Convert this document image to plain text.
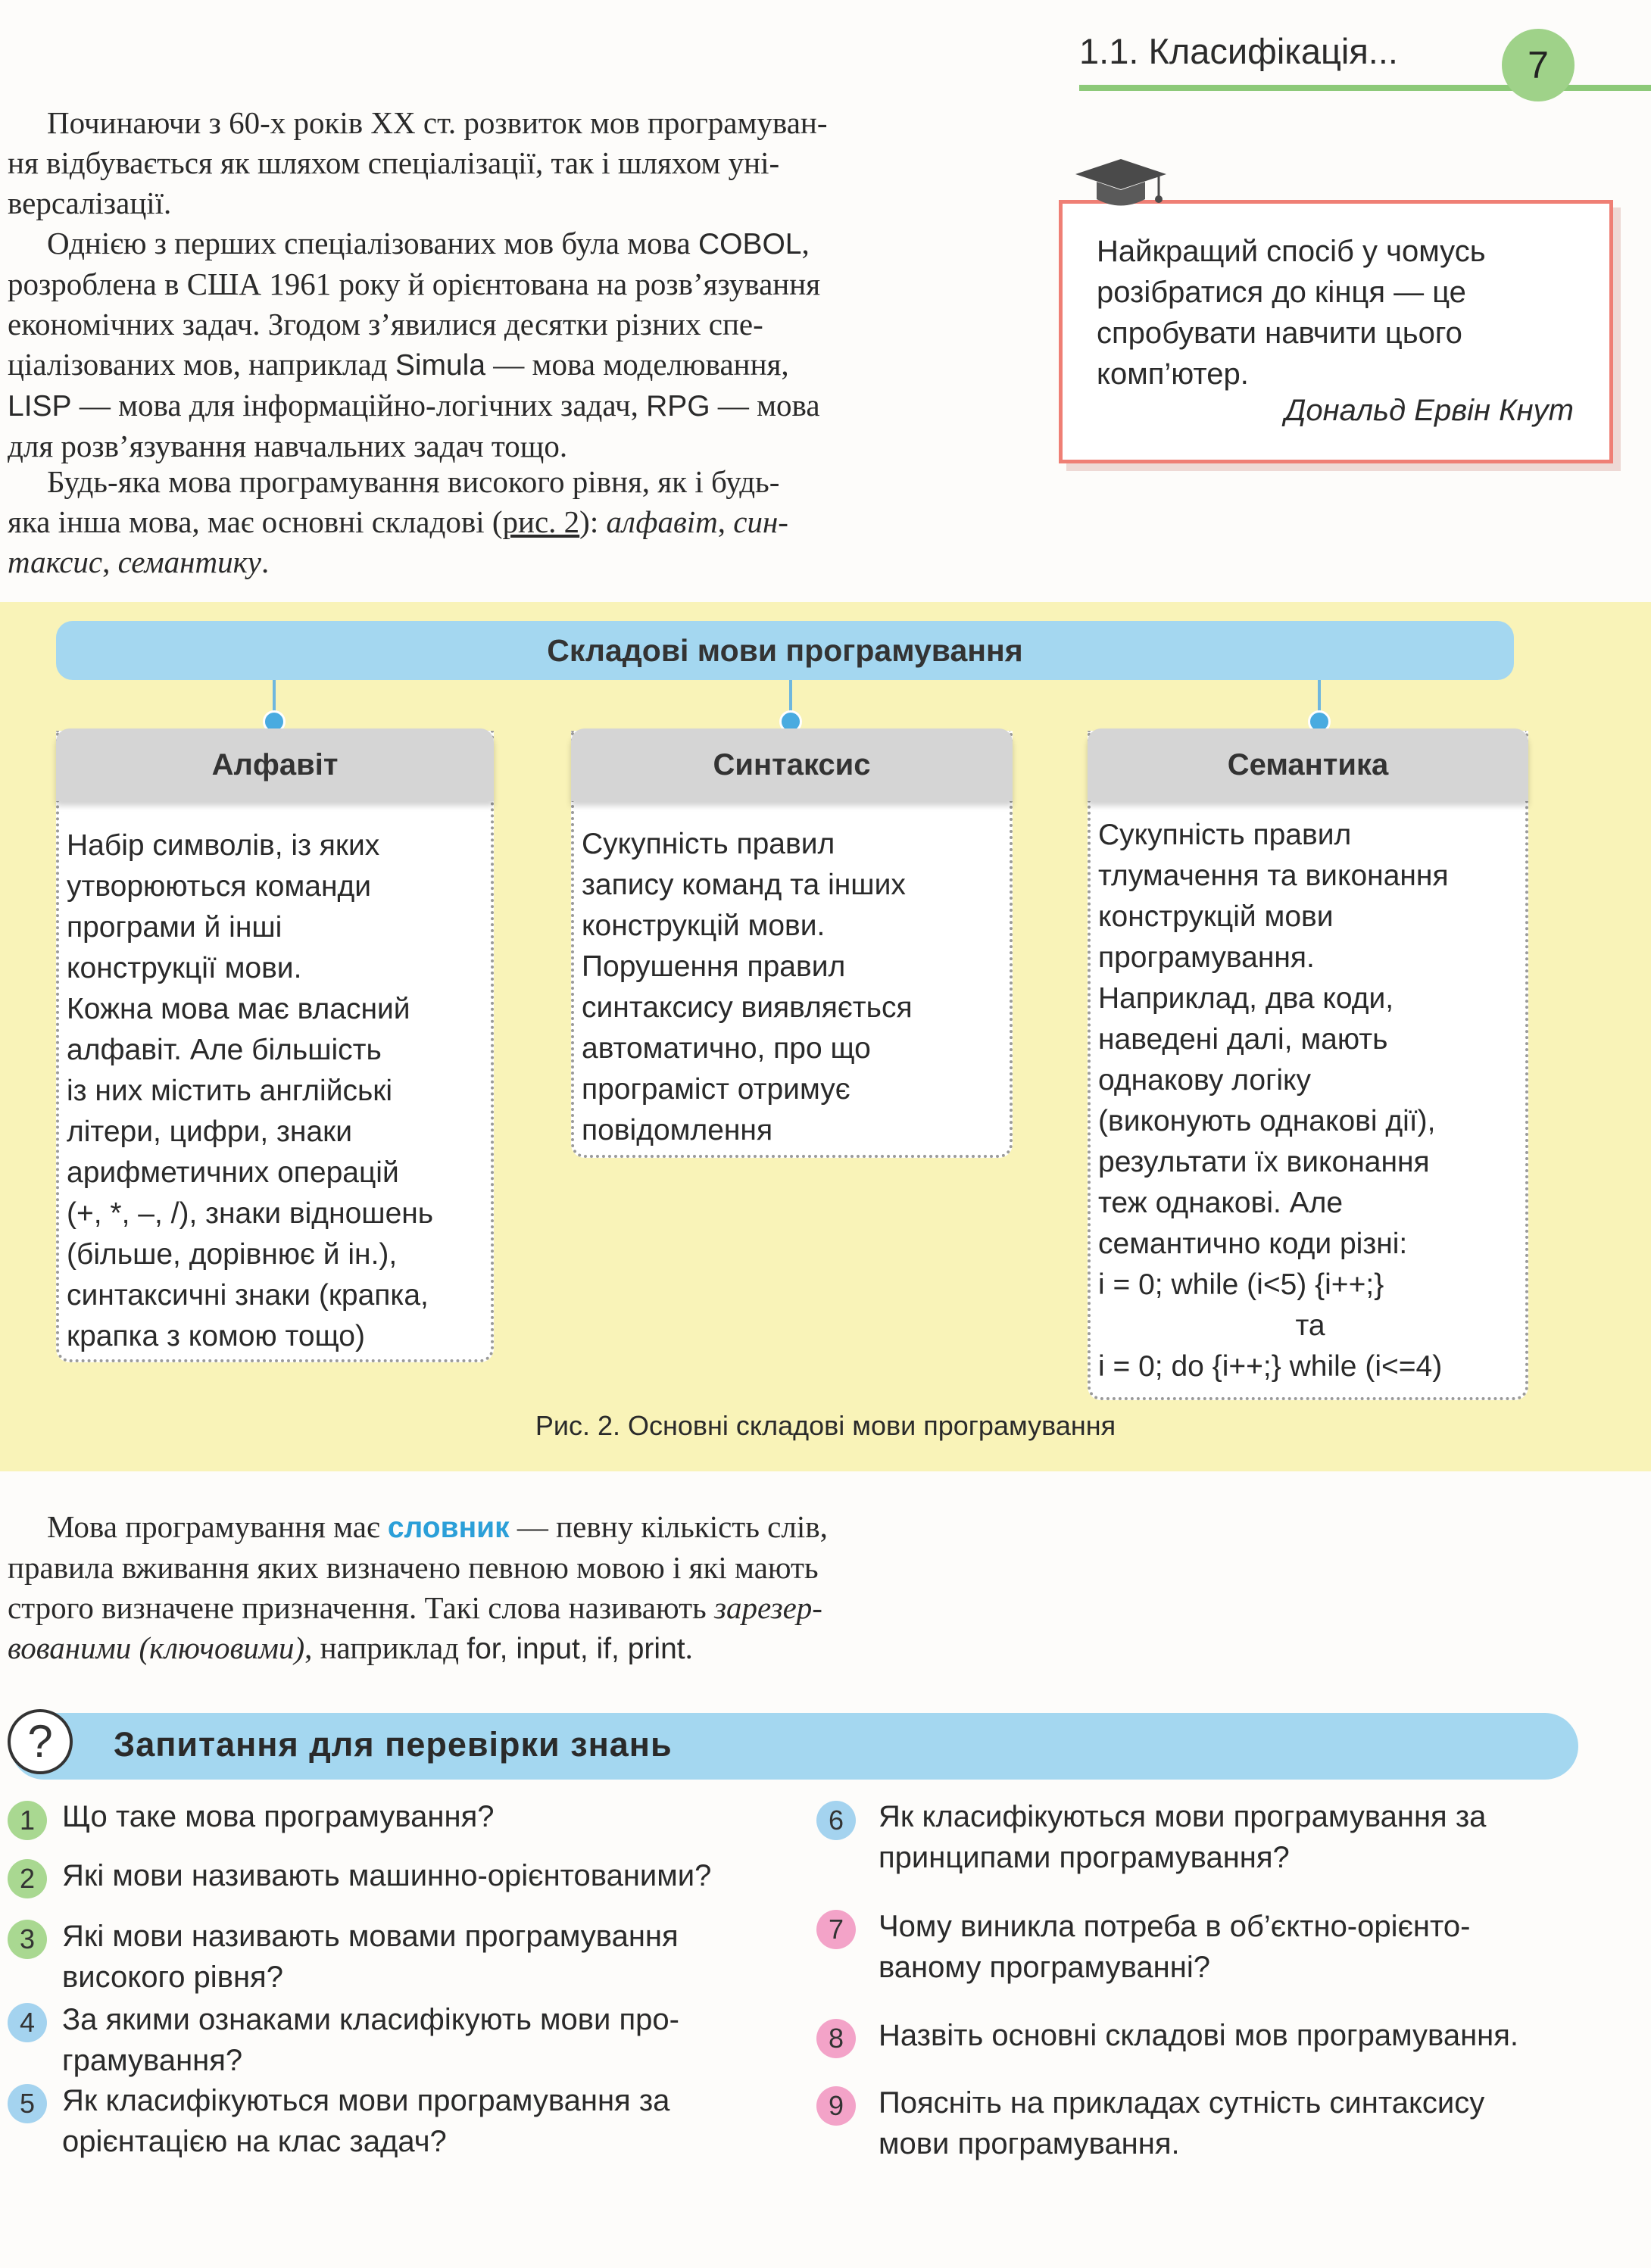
1.1. Класифікація...	7
Починаючи з 60-х років XX ст. розвиток мов програмуван-
ня відбувається як шляхом спеціалізації, так і шляхом уні-
версалізації.
Однією з перших спеціалізованих мов була мова COBOL,
розроблена в США 1961 року й орієнтована на розв’язування
економічних задач. Згодом з’явилися десятки різних спе-
ціалізованих мов, наприклад Simula — мова моделювання,
LISP — мова для інформаційно-логічних задач, RPG — мова
для розв’язування навчальних задач тощо.
Будь-яка мова програмування високого рівня, як і будь-
яка інша мова, має основні складові (рис. 2): алфавіт, син-
таксис, семантику.
Найкращий спосіб у чомусь
розібратися до кінця — це
спробувати навчити цього
комп’ютер.
Дональд Ервін Кнут
Складові мови програмування
Алфавіт
Набір символів, із яких
утворюються команди
програми й інші
конструкції мови.
Кожна мова має власний
алфавіт. Але більшість
із них містить англійські
літери, цифри, знаки
арифметичних операцій
(+, *, –, /), знаки відношень
(більше, дорівнює й ін.),
синтаксичні знаки (крапка,
крапка з комою тощо)
Синтаксис
Сукупність правил
запису команд та інших
конструкцій мови.
Порушення правил
синтаксису виявляється
автоматично, про що
програміст отримує
повідомлення
Семантика
Сукупність правил
тлумачення та виконання
конструкцій мови
програмування.
Наприклад, два коди,
наведені далі, мають
однакову логіку
(виконують однакові дії),
результати їх виконання
теж однакові. Але
семантично коди різні:
i = 0; while (i<5) {i++;}
та
i = 0; do {i++;} while (i<=4)
Рис. 2. Основні складові мови програмування
Мова програмування має словник — певну кількість слів,
правила вживання яких визначено певною мовою і які мають
строго визначене призначення. Такі слова називають зарезер-
вованими (ключовими), наприклад for, input, if, print.
?	Запитання для перевірки знань
1 Що таке мова програмування?
2 Які мови називають машинно-орієнтованими?
3 Які мови називають мовами програмування
високого рівня?
4 За якими ознаками класифікують мови про-
грамування?
5 Як класифікуються мови програмування за
орієнтацією на клас задач?
6	Як класифікуються мови програмування за
принципами програмування?
7	Чому виникла потреба в об’єктно-орієнто-
ваному програмуванні?
8	Назвіть основні складові мов програмування.
9	Поясніть на прикладах сутність синтаксису
мови програмування.
